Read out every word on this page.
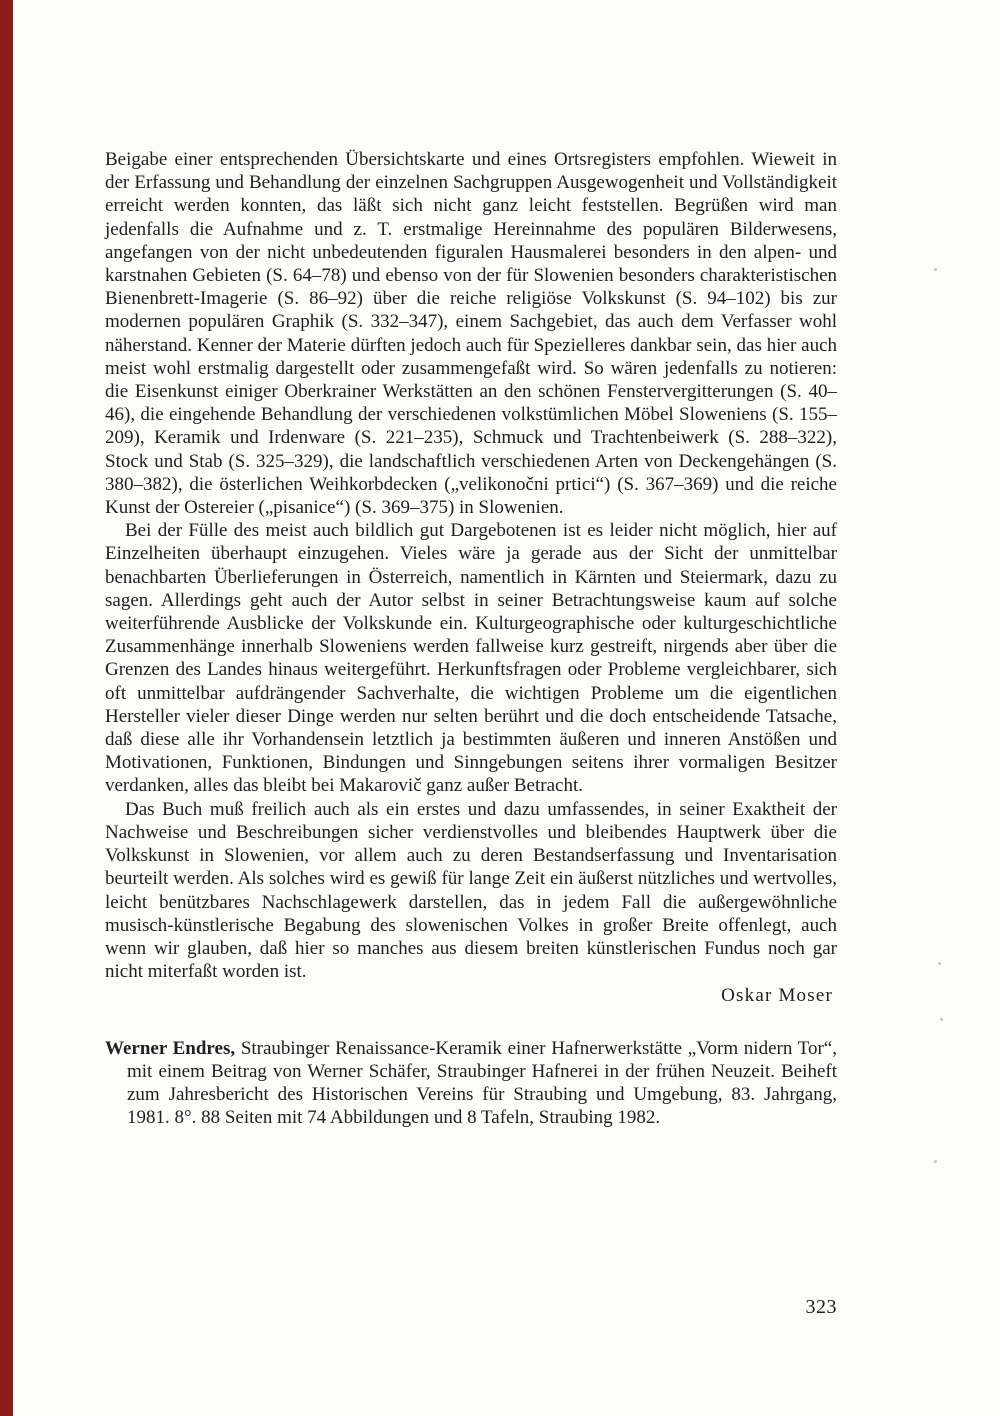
Beigabe einer entsprechenden Übersichtskarte und eines Ortsregisters empfohlen. Wieweit in der Erfassung und Behandlung der einzelnen Sachgruppen Ausgewogenheit und Vollständigkeit erreicht werden konnten, das läßt sich nicht ganz leicht feststellen. Begrüßen wird man jedenfalls die Aufnahme und z. T. erstmalige Hereinnahme des populären Bilderwesens, angefangen von der nicht unbedeutenden figuralen Hausmalerei besonders in den alpen- und karstnahen Gebieten (S. 64–78) und ebenso von der für Slowenien besonders charakteristischen Bienenbrett-Imagerie (S. 86–92) über die reiche religiöse Volkskunst (S. 94–102) bis zur modernen populären Graphik (S. 332–347), einem Sachgebiet, das auch dem Verfasser wohl näherstand. Kenner der Materie dürften jedoch auch für Spezielleres dankbar sein, das hier auch meist wohl erstmalig dargestellt oder zusammengefaßt wird. So wären jedenfalls zu notieren: die Eisenkunst einiger Oberkrainer Werkstätten an den schönen Fenstervergitterungen (S. 40–46), die eingehende Behandlung der verschiedenen volkstümlichen Möbel Sloweniens (S. 155–209), Keramik und Irdenware (S. 221–235), Schmuck und Trachtenbeiwerk (S. 288–322), Stock und Stab (S. 325–329), die landschaftlich verschiedenen Arten von Deckengehängen (S. 380–382), die österlichen Weihkorbdecken („velikonočni prtici“) (S. 367–369) und die reiche Kunst der Ostereier („pisanice“) (S. 369–375) in Slowenien.

Bei der Fülle des meist auch bildlich gut Dargebotenen ist es leider nicht möglich, hier auf Einzelheiten überhaupt einzugehen. Vieles wäre ja gerade aus der Sicht der unmittelbar benachbarten Überlieferungen in Österreich, namentlich in Kärnten und Steiermark, dazu zu sagen. Allerdings geht auch der Autor selbst in seiner Betrachtungsweise kaum auf solche weiterführende Ausblicke der Volkskunde ein. Kulturgeographische oder kulturgeschichtliche Zusammenhänge innerhalb Sloweniens werden fallweise kurz gestreift, nirgends aber über die Grenzen des Landes hinaus weitergeführt. Herkunftsfragen oder Probleme vergleichbarer, sich oft unmittelbar aufdrängender Sachverhalte, die wichtigen Probleme um die eigentlichen Hersteller vieler dieser Dinge werden nur selten berührt und die doch entscheidende Tatsache, daß diese alle ihr Vorhandensein letztlich ja bestimmten äußeren und inneren Anstößen und Motivationen, Funktionen, Bindungen und Sinngebungen seitens ihrer vormaligen Besitzer verdanken, alles das bleibt bei Makarovič ganz außer Betracht.

Das Buch muß freilich auch als ein erstes und dazu umfassendes, in seiner Exaktheit der Nachweise und Beschreibungen sicher verdienstvolles und bleibendes Hauptwerk über die Volkskunst in Slowenien, vor allem auch zu deren Bestandserfassung und Inventarisation beurteilt werden. Als solches wird es gewiß für lange Zeit ein äußerst nützliches und wertvolles, leicht benützbares Nachschlagewerk darstellen, das in jedem Fall die außergewöhnliche musisch-künstlerische Begabung des slowenischen Volkes in großer Breite offenlegt, auch wenn wir glauben, daß hier so manches aus diesem breiten künstlerischen Fundus noch gar nicht miterfaßt worden ist.

Oskar Moser

Werner Endres, Straubinger Renaissance-Keramik einer Hafnerwerkstätte „Vorm nidern Tor“, mit einem Beitrag von Werner Schäfer, Straubinger Hafnerei in der frühen Neuzeit. Beiheft zum Jahresbericht des Historischen Vereins für Straubing und Umgebung, 83. Jahrgang, 1981. 8°. 88 Seiten mit 74 Abbildungen und 8 Tafeln, Straubing 1982.

323
